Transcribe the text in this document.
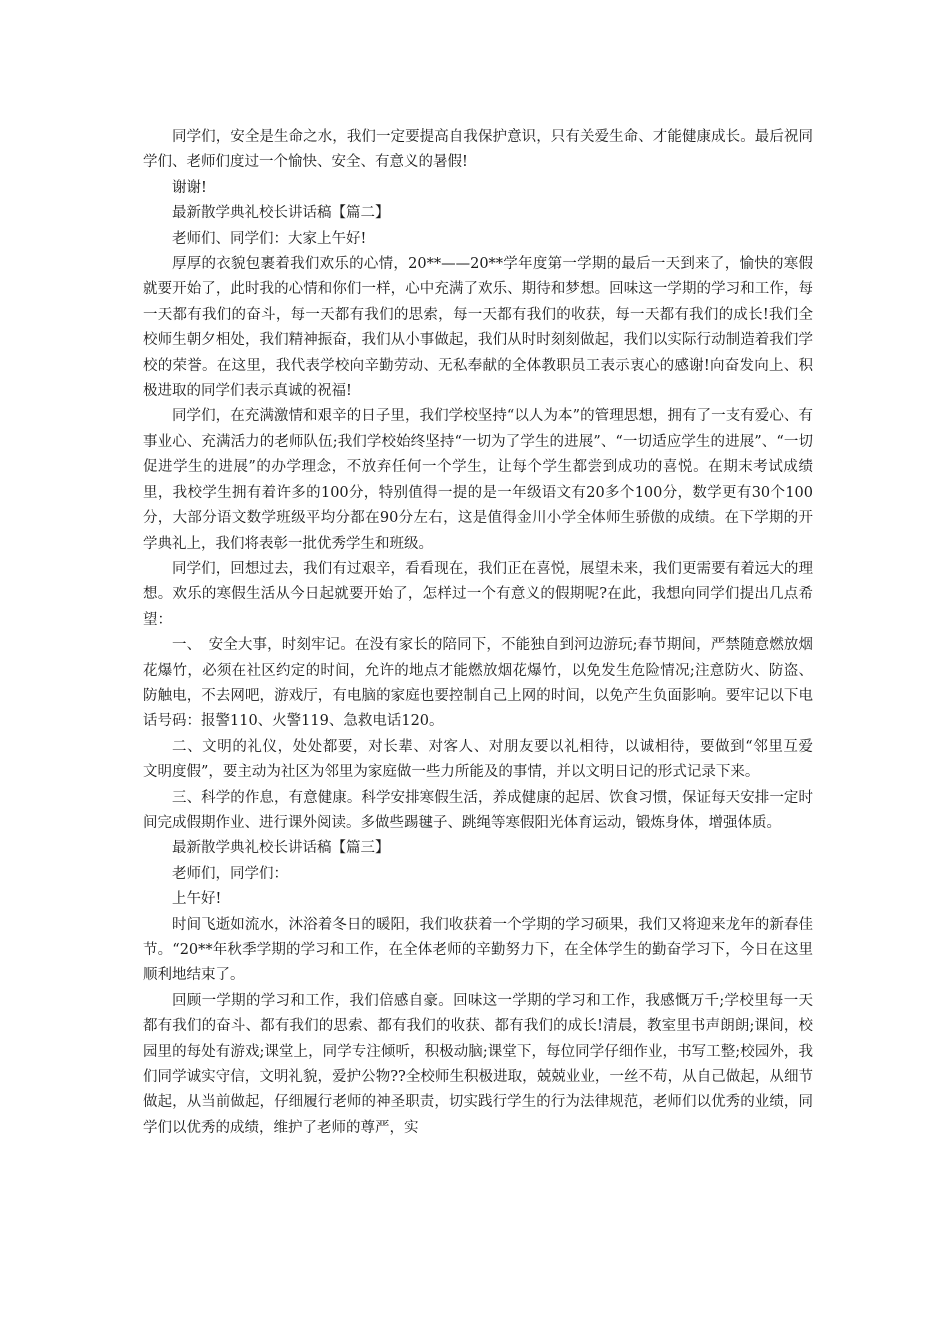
同学们，安全是生命之水，我们一定要提高自我保护意识，只有关爱生命、才能健康成长。最后祝同学们、老师们度过一个愉快、安全、有意义的暑假!

谢谢!

最新散学典礼校长讲话稿【篇二】

老师们、同学们：大家上午好!

厚厚的衣貌包裹着我们欢乐的心情，20**——20**学年度第一学期的最后一天到来了，愉快的寒假就要开始了，此时我的心情和你们一样，心中充满了欢乐、期待和梦想。回味这一学期的学习和工作，每一天都有我们的奋斗，每一天都有我们的思索，每一天都有我们的收获，每一天都有我们的成长!我们全校师生朝夕相处，我们精神振奋，我们从小事做起，我们从时时刻刻做起，我们以实际行动制造着我们学校的荣誉。在这里，我代表学校向辛勤劳动、无私奉献的全体教职员工表示衷心的感谢!向奋发向上、积极进取的同学们表示真诚的祝福!

同学们，在充满激情和艰辛的日子里，我们学校坚持“以人为本”的管理思想，拥有了一支有爱心、有事业心、充满活力的老师队伍;我们学校始终坚持“一切为了学生的进展”、“一切适应学生的进展”、“一切促进学生的进展”的办学理念，不放弃任何一个学生，让每个学生都尝到成功的喜悦。在期末考试成绩里，我校学生拥有着许多的100分，特别值得一提的是一年级语文有20多个100分，数学更有30个100分，大部分语文数学班级平均分都在90分左右，这是值得金川小学全体师生骄傲的成绩。在下学期的开学典礼上，我们将表彰一批优秀学生和班级。

同学们，回想过去，我们有过艰辛，看看现在，我们正在喜悦，展望未来，我们更需要有着远大的理想。欢乐的寒假生活从今日起就要开始了，怎样过一个有意义的假期呢?在此，我想向同学们提出几点希望：

一、　安全大事，时刻牢记。在没有家长的陪同下，不能独自到河边游玩;春节期间，严禁随意燃放烟花爆竹，必须在社区约定的时间，允许的地点才能燃放烟花爆竹，以免发生危险情况;注意防火、防盗、防触电，不去网吧，游戏厅，有电脑的家庭也要控制自己上网的时间，以免产生负面影响。要牢记以下电话号码：报警110、火警119、急救电话120。

二、文明的礼仪，处处都要，对长辈、对客人、对朋友要以礼相待，以诚相待，要做到“邻里互爱　文明度假”，要主动为社区为邻里为家庭做一些力所能及的事情，并以文明日记的形式记录下来。

三、科学的作息，有意健康。科学安排寒假生活，养成健康的起居、饮食习惯，保证每天安排一定时间完成假期作业、进行课外阅读。多做些踢毽子、跳绳等寒假阳光体育运动，锻炼身体，增强体质。

最新散学典礼校长讲话稿【篇三】

老师们，同学们：

上午好!

时间飞逝如流水，沐浴着冬日的暖阳，我们收获着一个学期的学习硕果，我们又将迎来龙年的新春佳节。“20**年秋季学期的学习和工作，在全体老师的辛勤努力下，在全体学生的勤奋学习下，今日在这里顺利地结束了。

回顾一学期的学习和工作，我们倍感自豪。回味这一学期的学习和工作，我感慨万千;学校里每一天都有我们的奋斗、都有我们的思索、都有我们的收获、都有我们的成长!清晨，教室里书声朗朗;课间，校园里的每处有游戏;课堂上，同学专注倾听，积极动脑;课堂下，每位同学仔细作业，书写工整;校园外，我们同学诚实守信，文明礼貌，爱护公物??全校师生积极进取，兢兢业业，一丝不苟，从自己做起，从细节做起，从当前做起，仔细履行老师的神圣职责，切实践行学生的行为法律规范，老师们以优秀的业绩，同学们以优秀的成绩，维护了老师的尊严，实
